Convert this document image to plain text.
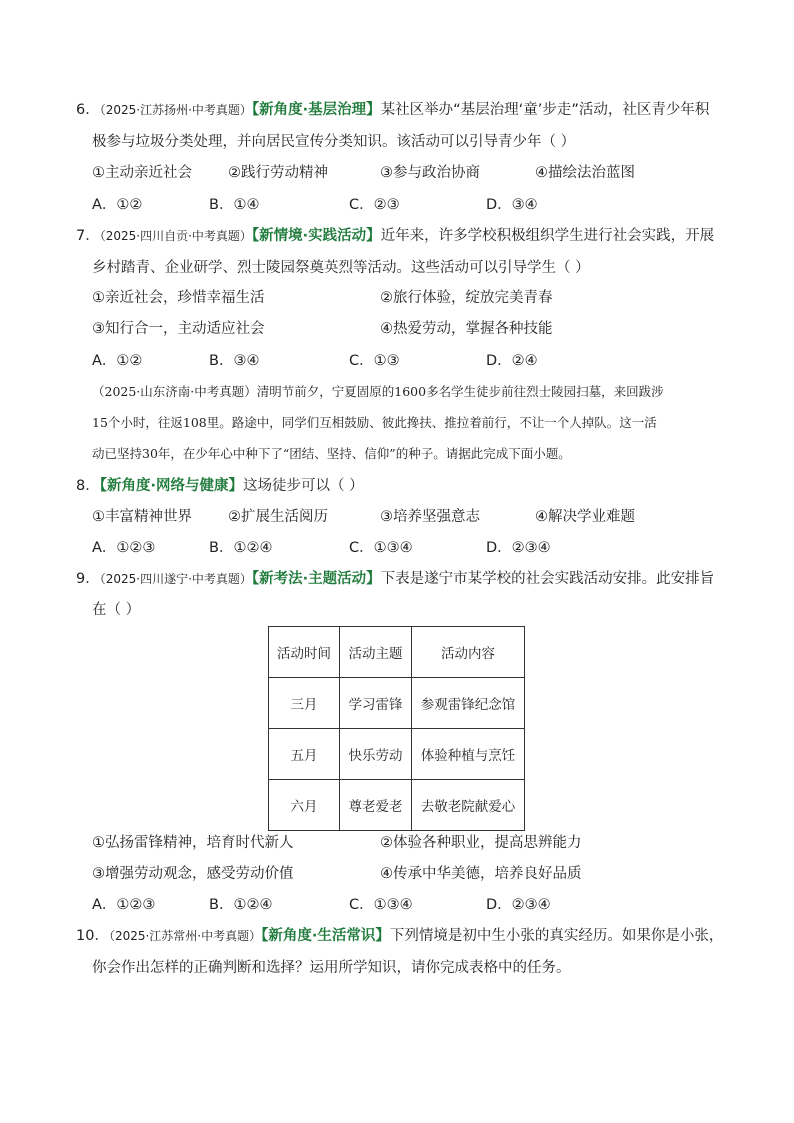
6．（2025·江苏扬州·中考真题）【新角度·基层治理】某社区举办“基层治理‘童’步走”活动，社区青少年积
极参与垃圾分类处理，并向居民宣传分类知识。该活动可以引导青少年（ ）
①主动亲近社会 ②践行劳动精神	③参与政治协商	④描绘法治蓝图
A．①②	B．①④	C．②③	D．③④
7．（2025·四川自贡·中考真题）【新情境·实践活动】近年来，许多学校积极组织学生进行社会实践，开展
乡村踏青、企业研学、烈士陵园祭奠英烈等活动。这些活动可以引导学生（ ）
①亲近社会，珍惜幸福生活	②旅行体验，绽放完美青春
③知行合一，主动适应社会	④热爱劳动，掌握各种技能
A．①②	B．③④	C．①③	D．②④
（2025·山东济南·中考真题）清明节前夕，宁夏固原的1600多名学生徒步前往烈士陵园扫墓，来回跋涉
15个小时，往返108里。路途中，同学们互相鼓励、彼此搀扶、推拉着前行，不让一个人掉队。这一活
动已坚持30年，在少年心中种下了“团结、坚持、信仰”的种子。请据此完成下面小题。
8．【新角度·网络与健康】这场徒步可以（ ）
①丰富精神世界 ②扩展生活阅历	③培养坚强意志	④解决学业难题
A．①②③	B．①②④	C．①③④	D．②③④
9．（2025·四川遂宁·中考真题）【新考法·主题活动】下表是遂宁市某学校的社会实践活动安排。此安排旨
在（ ）
活动时间	活动主题	活动内容
三月	学习雷锋	参观雷锋纪念馆
五月	快乐劳动	体验种植与烹饪
六月	尊老爱老	去敬老院献爱心
①弘扬雷锋精神，培育时代新人	②体验各种职业，提高思辨能力
③增强劳动观念，感受劳动价值	④传承中华美德，培养良好品质
A．①②③	B．①②④	C．①③④	D．②③④
10．（2025·江苏常州·中考真题）【新角度·生活常识】下列情境是初中生小张的真实经历。如果你是小张，
你会作出怎样的正确判断和选择？运用所学知识，请你完成表格中的任务。
